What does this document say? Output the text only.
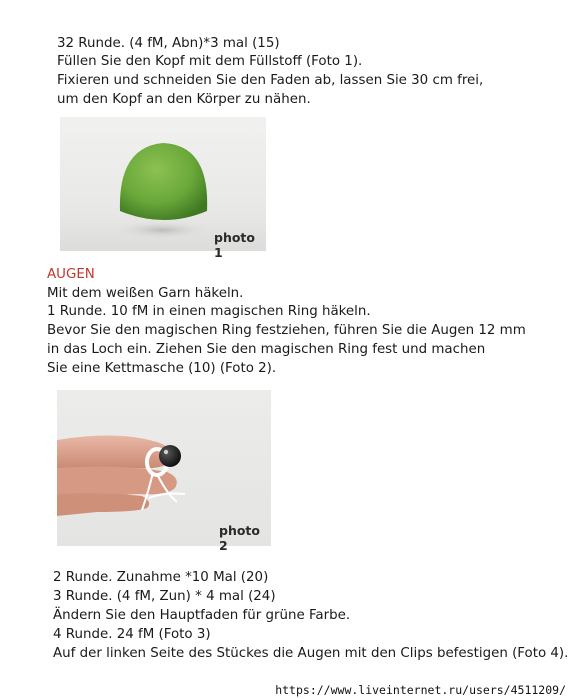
32 Runde. (4 fM, Abn)*3 mal (15)
Füllen Sie den Kopf mit dem Füllstoff (Foto 1).
Fixieren und schneiden Sie den Faden ab, lassen Sie 30 cm frei,
um den Kopf an den Körper zu nähen.
photo 1
AUGEN
Mit dem weißen Garn häkeln.
1 Runde. 10 fM in einen magischen Ring häkeln.
Bevor Sie den magischen Ring festziehen, führen Sie die Augen 12 mm
in das Loch ein. Ziehen Sie den magischen Ring fest und machen
Sie eine Kettmasche (10) (Foto 2).
photo 2
2 Runde. Zunahme *10 Mal (20)
3 Runde. (4 fM, Zun) * 4 mal (24)
Ändern Sie den Hauptfaden für grüne Farbe.
4 Runde. 24 fM (Foto 3)
Auf der linken Seite des Stückes die Augen mit den Clips befestigen (Foto 4).
https://www.liveinternet.ru/users/4511209/
